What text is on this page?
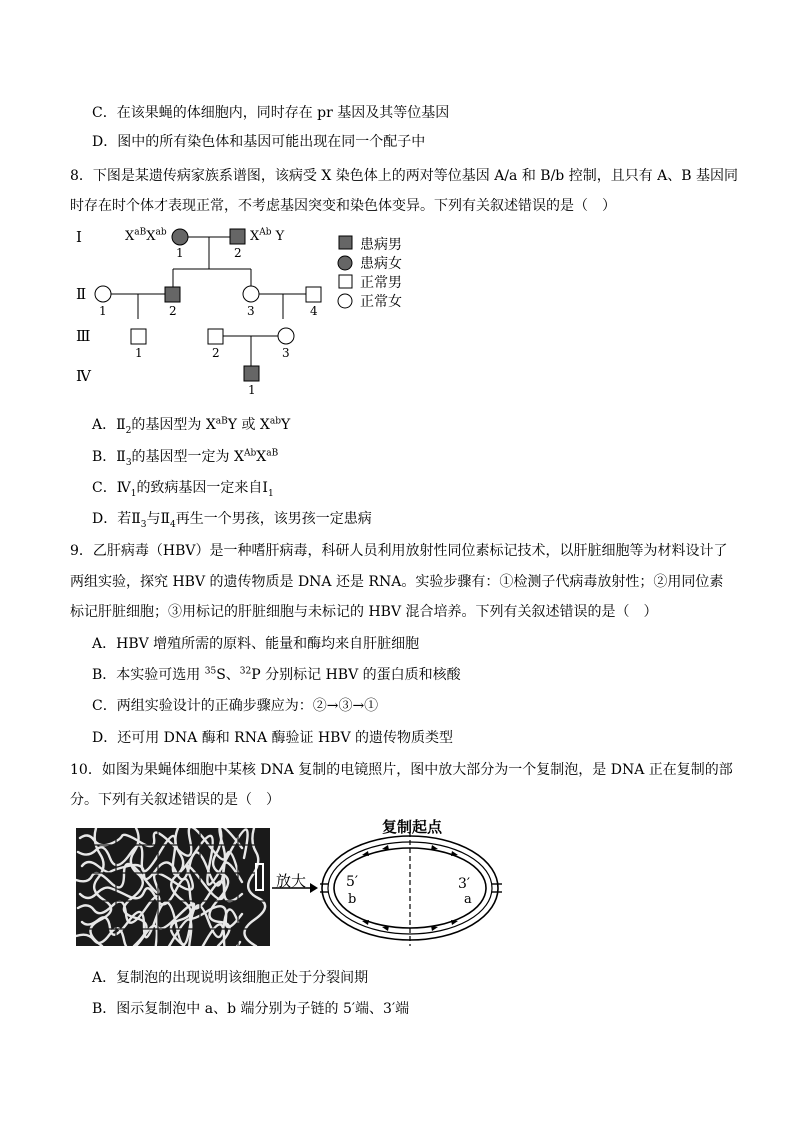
C．在该果蝇的体细胞内，同时存在 pr 基因及其等位基因
D．图中的所有染色体和基因可能出现在同一个配子中
8．下图是某遗传病家族系谱图，该病受 X 染色体上的两对等位基因 A/a 和 B/b 控制，且只有 A、B 基因同
时存在时个体才表现正常，不考虑基因突变和染色体变异。下列有关叙述错误的是（　）
Ⅰ
Ⅱ
Ⅲ
Ⅳ
$X^{aB}X^{ab}$	$X^{Ab}$ Y
1	2
1	2	3	4
1	2	3
1
患病男
患病女
正常男
正常女
A．$Ⅱ_2$的基因型为 $X^{aB}Y$ 或 $X^{ab}Y$
B．$Ⅱ_3$的基因型一定为 $X^{Ab}X^{aB}$
C．$Ⅳ_1$的致病基因一定来自$Ⅰ_1$
D．若$Ⅱ_3$与$Ⅱ_4$再生一个男孩，该男孩一定患病
9．乙肝病毒（HBV）是一种嗜肝病毒，科研人员利用放射性同位素标记技术，以肝脏细胞等为材料设计了
两组实验，探究 HBV 的遗传物质是 DNA 还是 RNA。实验步骤有：①检测子代病毒放射性；②用同位素
标记肝脏细胞；③用标记的肝脏细胞与未标记的 HBV 混合培养。下列有关叙述错误的是（　）
A．HBV 增殖所需的原料、能量和酶均来自肝脏细胞
B．本实验可选用 $^{35}$S、$^{32}$P 分别标记 HBV 的蛋白质和核酸
C．两组实验设计的正确步骤应为：②→③→①
D．还可用 DNA 酶和 RNA 酶验证 HBV 的遗传物质类型
10．如图为果蝇体细胞中某核 DNA 复制的电镜照片，图中放大部分为一个复制泡，是 DNA 正在复制的部
分。下列有关叙述错误的是（　）
复制起点
放大	5′
b
3′
a
A．复制泡的出现说明该细胞正处于分裂间期
B．图示复制泡中 a、b 端分别为子链的 5′端、3′端
